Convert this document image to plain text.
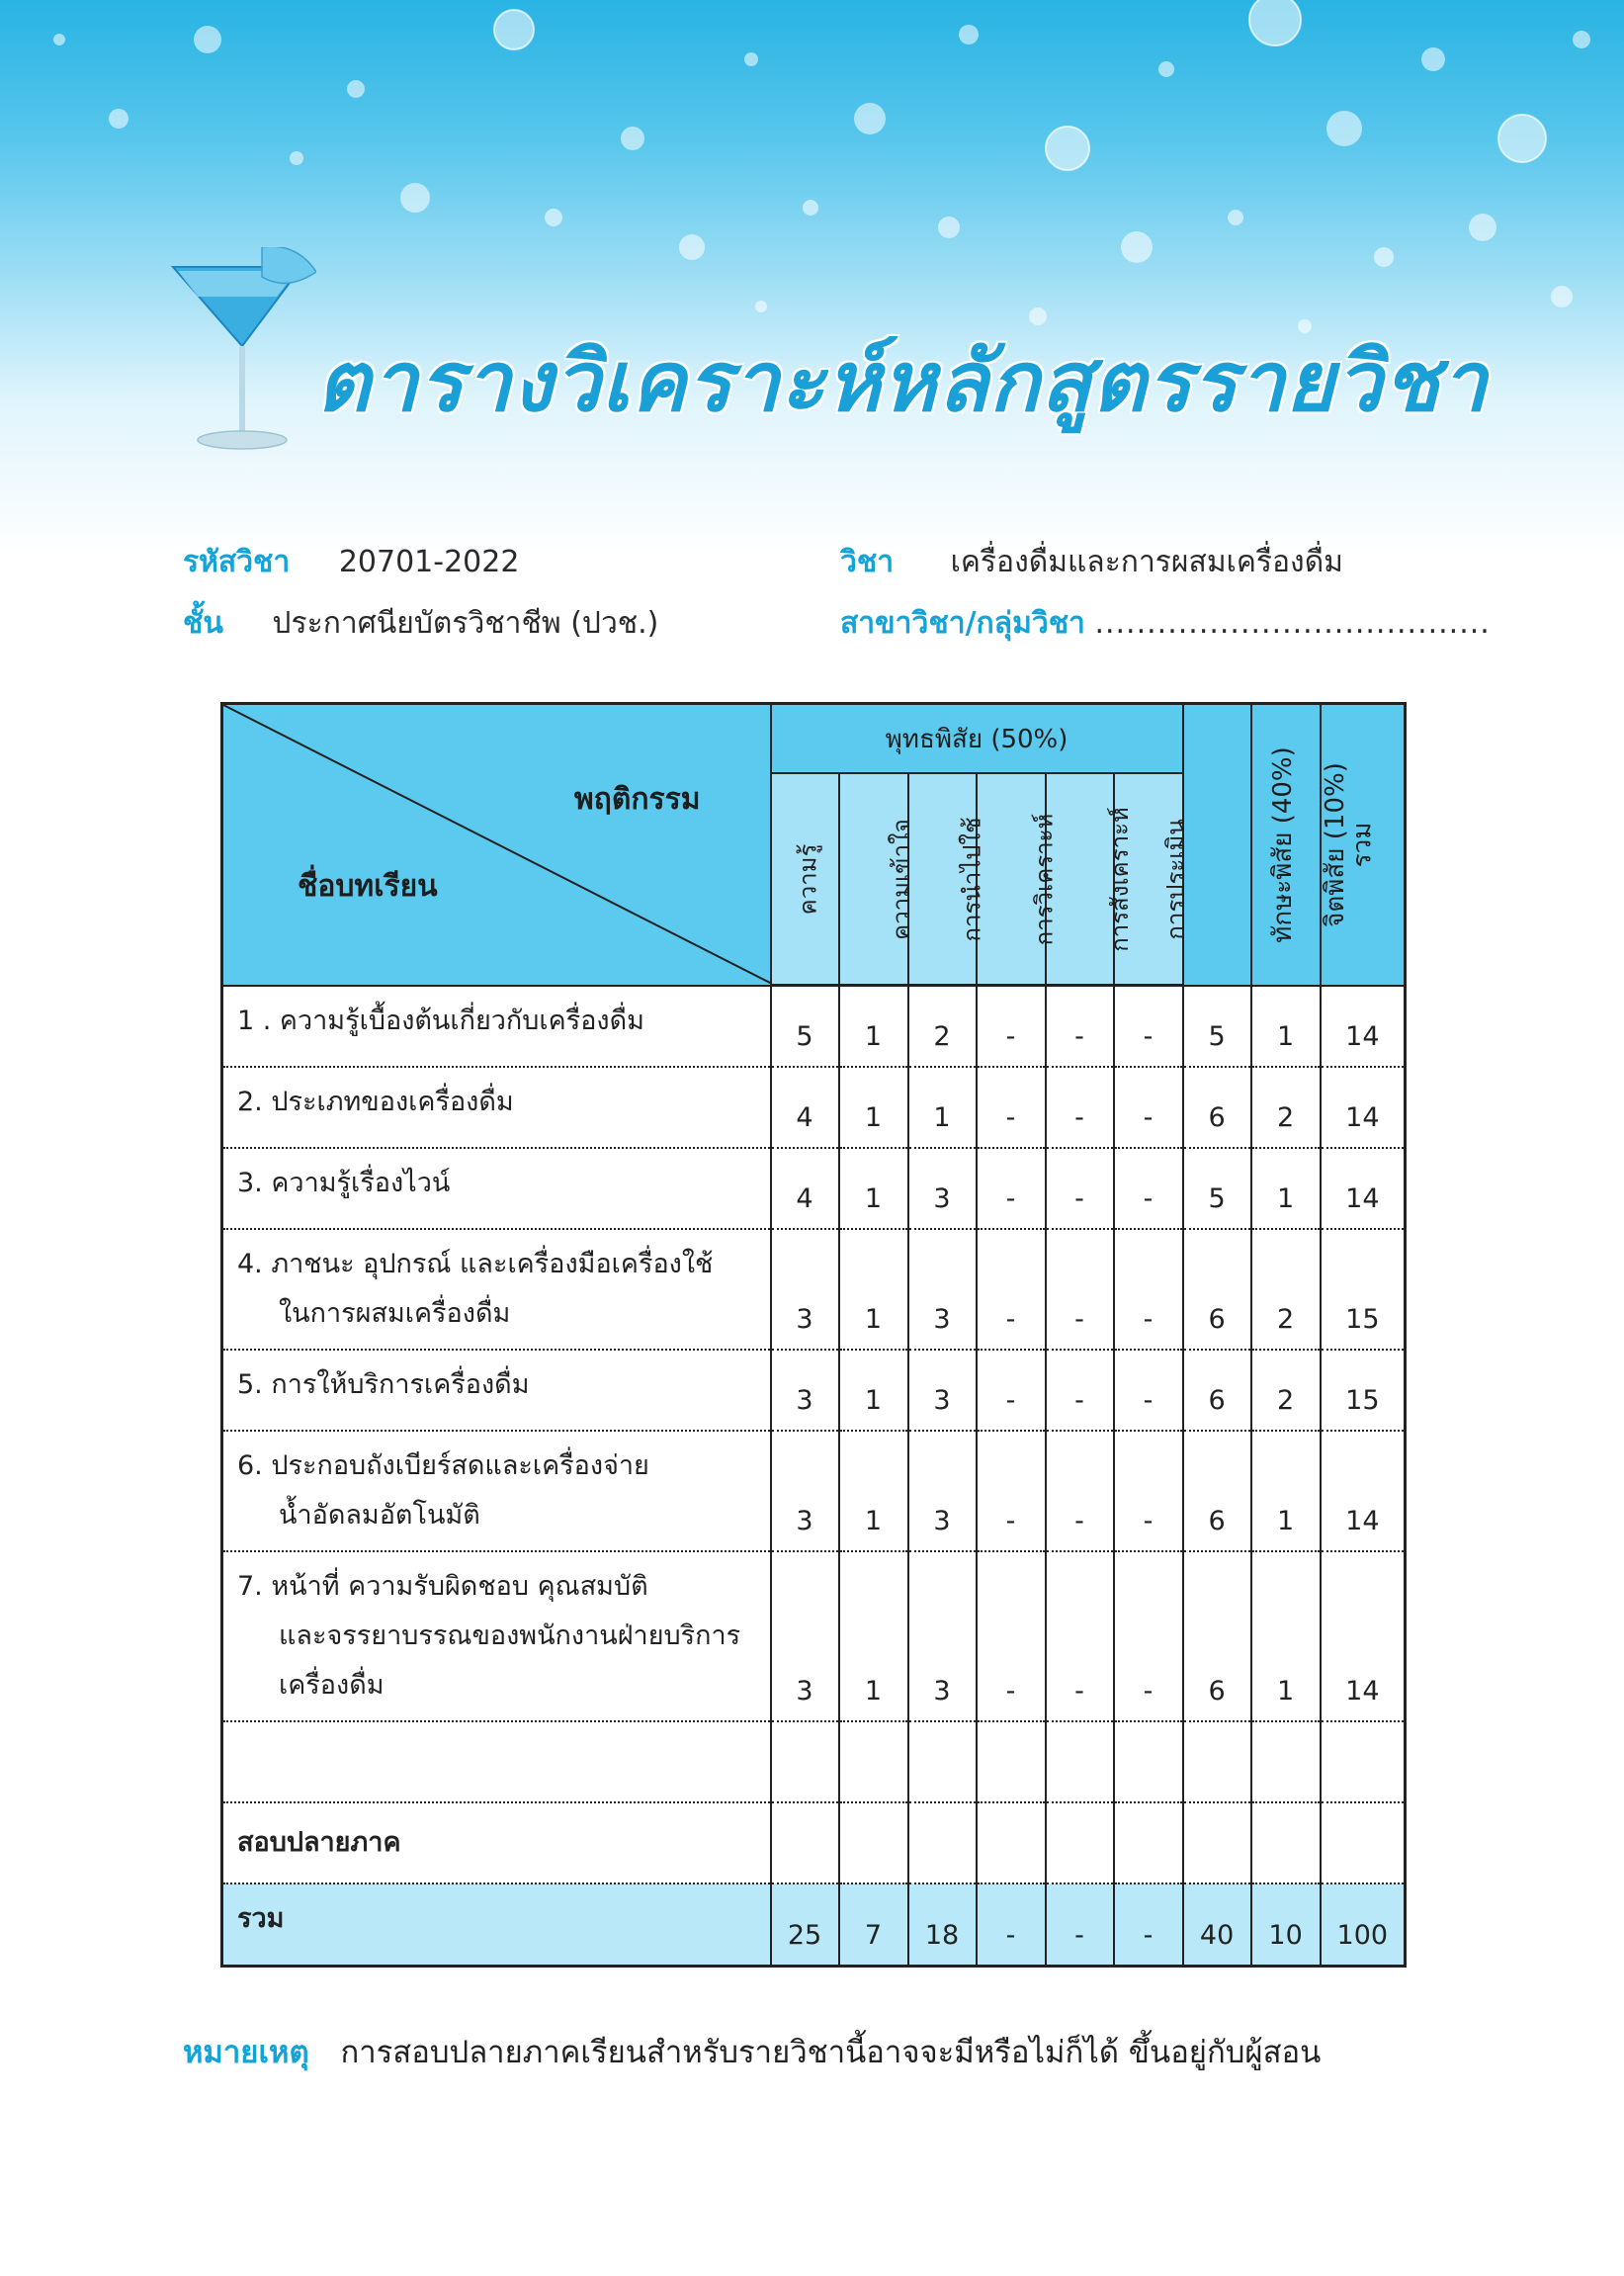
ตารางวิเคราะห์หลักสูตรรายวิชา
รหัสวิชา 20701-2022	วิชา เครื่องดื่มและการผสมเครื่องดื่ม
ชั้น ประกาศนียบัตรวิชาชีพ (ปวช.)	สาขาวิชา/กลุ่มวิชา ......................................
พฤติกรรม
ชื่อบทเรียน	พุทธพิสัย (50%)						ทักษะพิสัย (40%)	จิตพิสัย (10%)	รวม
	ความรู้	ความเข้าใจ	การนำไปใช้	การวิเคราะห์	การสังเคราะห์	การประเมิน			

1 . ความรู้เบื้องต้นเกี่ยวกับเครื่องดื่ม	5	1	2	-	-	-	5	1	14

2. ประเภทของเครื่องดื่ม	4	1	1	-	-	-	6	2	14

3. ความรู้เรื่องไวน์	4	1	3	-	-	-	5	1	14

4. ภาชนะ อุปกรณ์ และเครื่องมือเครื่องใช้
ในการผสมเครื่องดื่ม	3	1	3	-	-	-	6	2	15

5. การให้บริการเครื่องดื่ม	3	1	3	-	-	-	6	2	15

6. ประกอบถังเบียร์สดและเครื่องจ่าย
น้ำอัดลมอัตโนมัติ	3	1	3	-	-	-	6	1	14

7. หน้าที่ ความรับผิดชอบ คุณสมบัติ
และจรรยาบรรณของพนักงานฝ่ายบริการ
เครื่องดื่ม	3	1	3	-	-	-	6	1	14

สอบปลายภาค									
รวม	25	7	18	-	-	-	40	10	100
หมายเหตุ การสอบปลายภาคเรียนสำหรับรายวิชานี้อาจจะมีหรือไม่ก็ได้ ขึ้นอยู่กับผู้สอน
